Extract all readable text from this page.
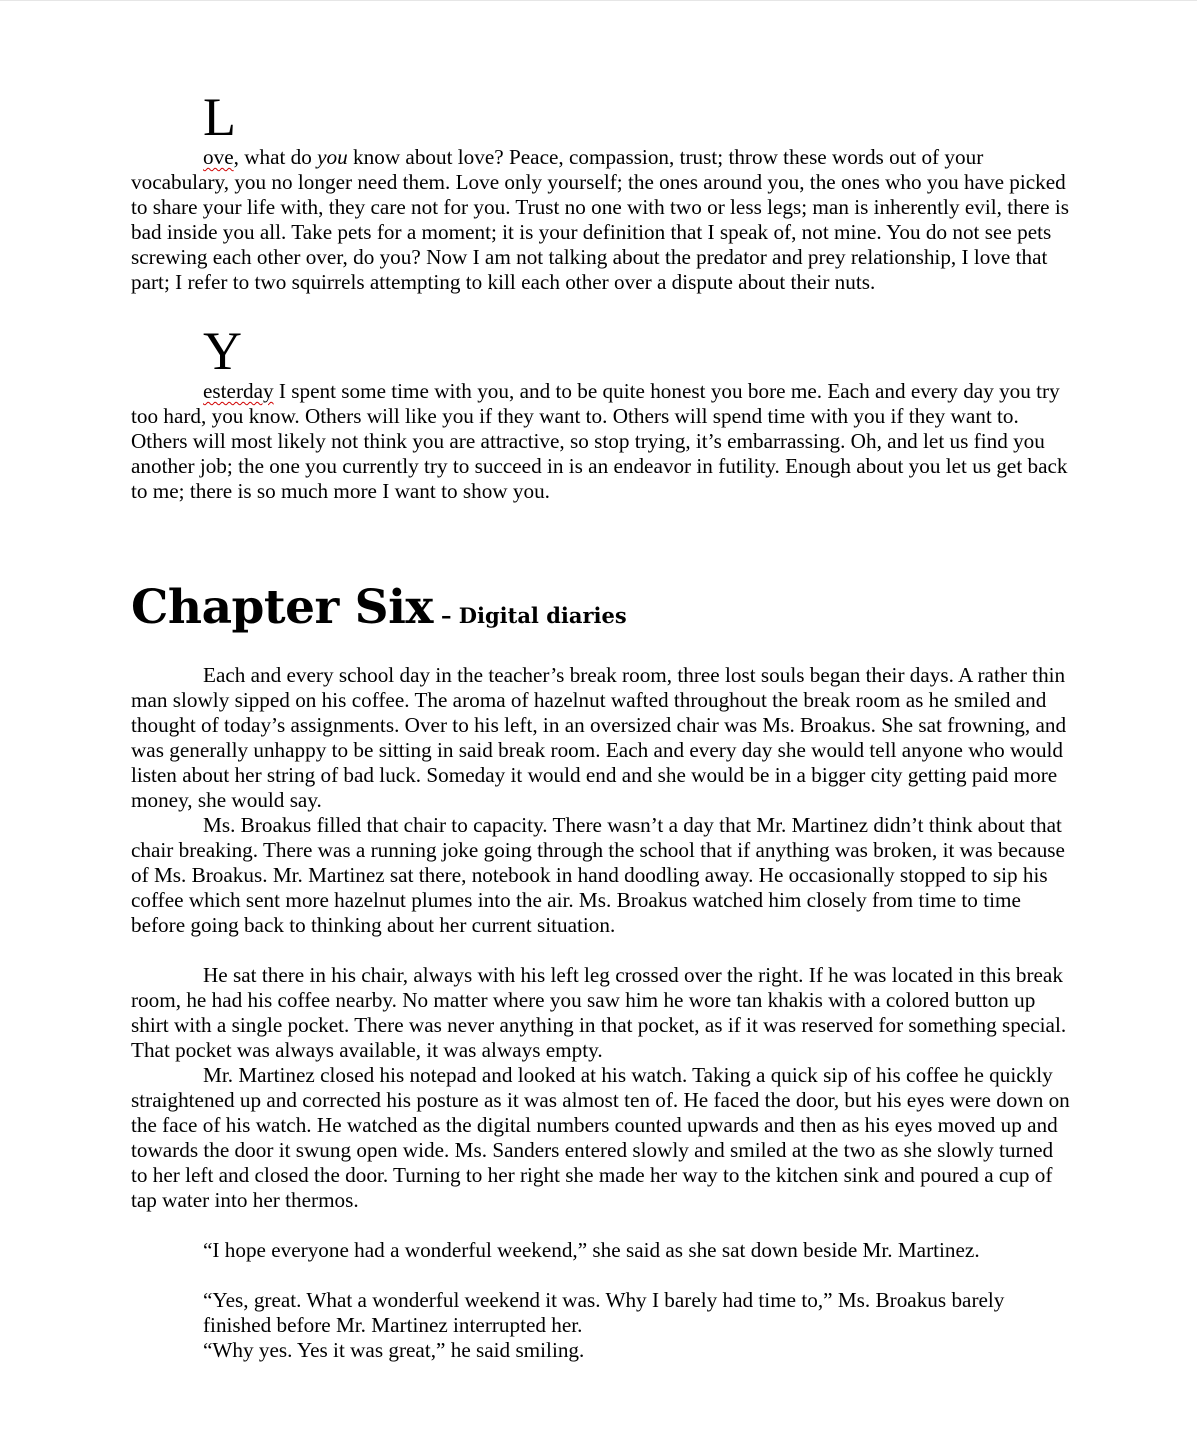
L

ove, what do you know about love? Peace, compassion, trust; throw these words out of your vocabulary, you no longer need them. Love only yourself; the ones around you, the ones who you have picked to share your life with, they care not for you. Trust no one with two or less legs; man is inherently evil, there is bad inside you all. Take pets for a moment; it is your definition that I speak of, not mine. You do not see pets screwing each other over, do you? Now I am not talking about the predator and prey relationship, I love that part; I refer to two squirrels attempting to kill each other over a dispute about their nuts.

Y

esterday I spent some time with you, and to be quite honest you bore me. Each and every day you try too hard, you know. Others will like you if they want to. Others will spend time with you if they want to. Others will most likely not think you are attractive, so stop trying, it’s embarrassing. Oh, and let us find you another job; the one you currently try to succeed in is an endeavor in futility. Enough about you let us get back to me; there is so much more I want to show you.

Chapter Six – Digital diaries

Each and every school day in the teacher’s break room, three lost souls began their days. A rather thin man slowly sipped on his coffee. The aroma of hazelnut wafted throughout the break room as he smiled and thought of today’s assignments. Over to his left, in an oversized chair was Ms. Broakus. She sat frowning, and was generally unhappy to be sitting in said break room. Each and every day she would tell anyone who would listen about her string of bad luck. Someday it would end and she would be in a bigger city getting paid more money, she would say.

Ms. Broakus filled that chair to capacity. There wasn’t a day that Mr. Martinez didn’t think about that chair breaking. There was a running joke going through the school that if anything was broken, it was because of Ms. Broakus. Mr. Martinez sat there, notebook in hand doodling away. He occasionally stopped to sip his coffee which sent more hazelnut plumes into the air. Ms. Broakus watched him closely from time to time before going back to thinking about her current situation.

He sat there in his chair, always with his left leg crossed over the right. If he was located in this break room, he had his coffee nearby. No matter where you saw him he wore tan khakis with a colored button up shirt with a single pocket. There was never anything in that pocket, as if it was reserved for something special. That pocket was always available, it was always empty.

Mr. Martinez closed his notepad and looked at his watch. Taking a quick sip of his coffee he quickly straightened up and corrected his posture as it was almost ten of. He faced the door, but his eyes were down on the face of his watch. He watched as the digital numbers counted upwards and then as his eyes moved up and towards the door it swung open wide. Ms. Sanders entered slowly and smiled at the two as she slowly turned to her left and closed the door. Turning to her right she made her way to the kitchen sink and poured a cup of tap water into her thermos.

“I hope everyone had a wonderful weekend,” she said as she sat down beside Mr. Martinez.

“Yes, great. What a wonderful weekend it was. Why I barely had time to,” Ms. Broakus barely finished before Mr. Martinez interrupted her.

“Why yes. Yes it was great,” he said smiling.
